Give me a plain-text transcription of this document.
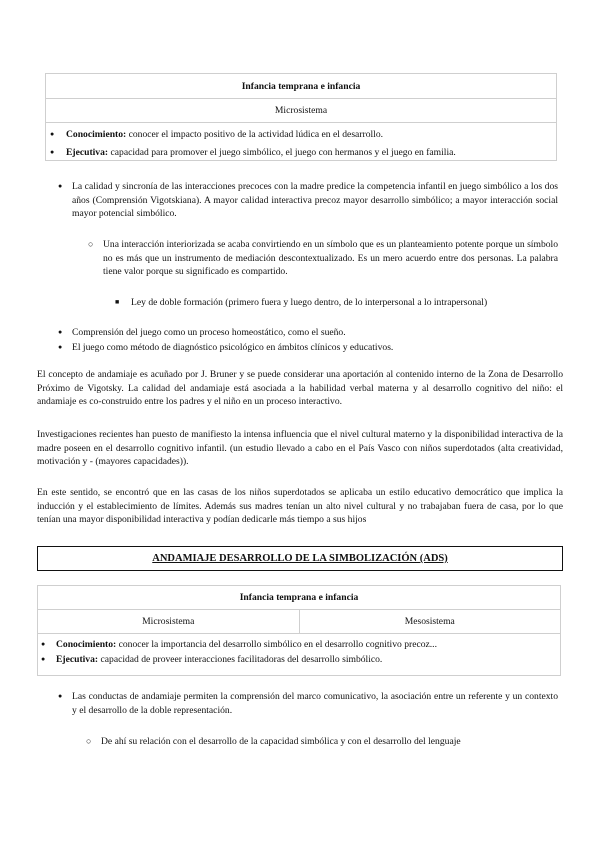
Infancia temprana e infancia
Microsistema
● Conocimiento: conocer el impacto positivo de la actividad lúdica en el desarrollo.
● Ejecutiva: capacidad para promover el juego simbólico, el juego con hermanos y el juego en familia.
● La calidad y sincronía de las interacciones precoces con la madre predice la competencia infantil en juego simbólico a los dos años (Comprensión Vigotskiana). A mayor calidad interactiva precoz mayor desarrollo simbólico; a mayor interacción social mayor potencial simbólico.
○ Una interacción interiorizada se acaba convirtiendo en un símbolo que es un planteamiento potente porque un símbolo no es más que un instrumento de mediación descontextualizado. Es un mero acuerdo entre dos personas. La palabra tiene valor porque su significado es compartido.
■ Ley de doble formación (primero fuera y luego dentro, de lo interpersonal a lo intrapersonal)
● Comprensión del juego como un proceso homeostático, como el sueño.
● El juego como método de diagnóstico psicológico en ámbitos clínicos y educativos.
El concepto de andamiaje es acuñado por J. Bruner y se puede considerar una aportación al contenido interno de la Zona de Desarrollo Próximo de Vigotsky. La calidad del andamiaje está asociada a la habilidad verbal materna y al desarrollo cognitivo del niño: el andamiaje es co-construido entre los padres y el niño en un proceso interactivo.
Investigaciones recientes han puesto de manifiesto la intensa influencia que el nivel cultural materno y la disponibilidad interactiva de la madre poseen en el desarrollo cognitivo infantil. (un estudio llevado a cabo en el País Vasco con niños superdotados (alta creatividad, motivación y - (mayores capacidades)).
En este sentido, se encontró que en las casas de los niños superdotados se aplicaba un estilo educativo democrático que implica la inducción y el establecimiento de límites. Además sus madres tenían un alto nivel cultural y no trabajaban fuera de casa, por lo que tenían una mayor disponibilidad interactiva y podían dedicarle más tiempo a sus hijos
ANDAMIAJE DESARROLLO DE LA SIMBOLIZACIÓN (ADS)
Infancia temprana e infancia
Microsistema	Mesosistema
● Conocimiento: conocer la importancia del desarrollo simbólico en el desarrollo cognitivo precoz...
● Ejecutiva: capacidad de proveer interacciones facilitadoras del desarrollo simbólico.
● Las conductas de andamiaje permiten la comprensión del marco comunicativo, la asociación entre un referente y un contexto y el desarrollo de la doble representación.
○ De ahí su relación con el desarrollo de la capacidad simbólica y con el desarrollo del lenguaje
